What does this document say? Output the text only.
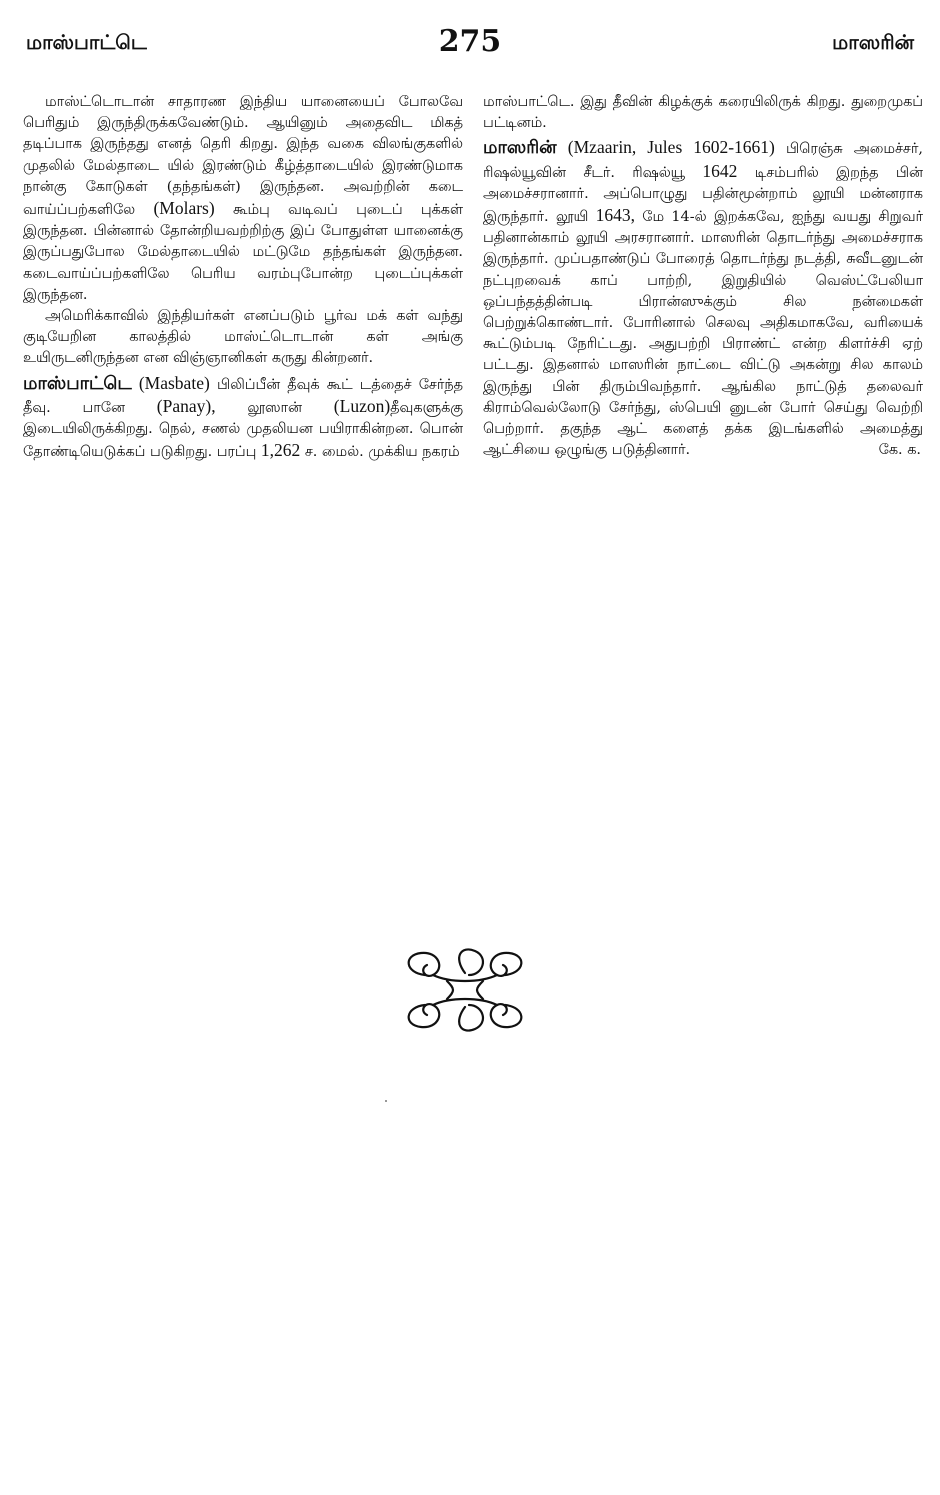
மாஸ்பாட்டெ	275	மாஸரின்

மாஸ்ட்டொடான் சாதாரண இந்திய யானையைப் போலவே பெரிதும் இருந்திருக்கவேண்டும். ஆயினும் அதைவிட மிகத் தடிப்பாக இருந்தது எனத் தெரி கிறது. இந்த வகை விலங்குகளில் முதலில் மேல்தாடை யில் இரண்டும் கீழ்த்தாடையில் இரண்டுமாக நான்கு கோடுகள் (தந்தங்கள்) இருந்தன. அவற்றின் கடை வாய்ப்பற்களிலே (Molars) கூம்பு வடிவப் புடைப் புக்கள் இருந்தன. பின்னால் தோன்றியவற்றிற்கு இப் போதுள்ள யானைக்கு இருப்பதுபோல மேல்தாடையில் மட்டுமே தந்தங்கள் இருந்தன. கடைவாய்ப்பற்களிலே பெரிய வரம்புபோன்ற புடைப்புக்கள் இருந்தன.

அமெரிக்காவில் இந்தியர்கள் எனப்படும் பூர்வ மக் கள் வந்து குடியேறின காலத்தில் மாஸ்ட்டொடான் கள் அங்கு உயிருடனிருந்தன என விஞ்ஞானிகள் கருது கின்றனர்.

மாஸ்பாட்டெ (Masbate) பிலிப்பீன் தீவுக் கூட் டத்தைச் சேர்ந்த தீவு. பானே (Panay), லூஸான் (Luzon)தீவுகளுக்கு இடையிலிருக்கிறது. நெல், சணல் முதலியன பயிராகின்றன. பொன் தோண்டியெடுக்கப் படுகிறது. பரப்பு 1,262 ச. மைல். முக்கிய நகரம்

மாஸ்பாட்டெ. இது தீவின் கிழக்குக் கரையிலிருக் கிறது. துறைமுகப் பட்டினம்.

மாஸரின் (Mzaarin, Jules 1602-1661) பிரெஞ்சு அமைச்சர், ரிஷல்யூவின் சீடர். ரிஷல்யூ 1642 டிசம்பரில் இறந்த பின் அமைச்சரானார். அப்பொழுது பதின்மூன்றாம் லூயி மன்னராக இருந்தார். லூயி 1643, மே 14-ல் இறக்கவே, ஐந்து வயது சிறுவர் பதினான்காம் லூயி அரசரானார். மாஸரின் தொடர்ந்து அமைச்சராக இருந்தார். முப்பதாண்டுப் போரைத் தொடர்ந்து நடத்தி, சுவீடனுடன் நட்புறவைக் காப் பாற்றி, இறுதியில் வெஸ்ட்பேலியா ஒப்பந்தத்தின்படி பிரான்ஸுக்கும் சில நன்மைகள் பெற்றுக்கொண்டார். போரினால் செலவு அதிகமாகவே, வரியைக் கூட்டும்படி நேரிட்டது. அதுபற்றி பிராண்ட் என்ற கிளர்ச்சி ஏற் பட்டது. இதனால் மாஸரின் நாட்டை விட்டு அகன்று சில காலம் இருந்து பின் திரும்பிவந்தார். ஆங்கில நாட்டுத் தலைவர் கிராம்வெல்லோடு சேர்ந்து, ஸ்பெயி னுடன் போர் செய்து வெற்றி பெற்றார். தகுந்த ஆட் களைத் தக்க இடங்களில் அமைத்து ஆட்சியை ஒழுங்கு படுத்தினார்.	கே. க.
